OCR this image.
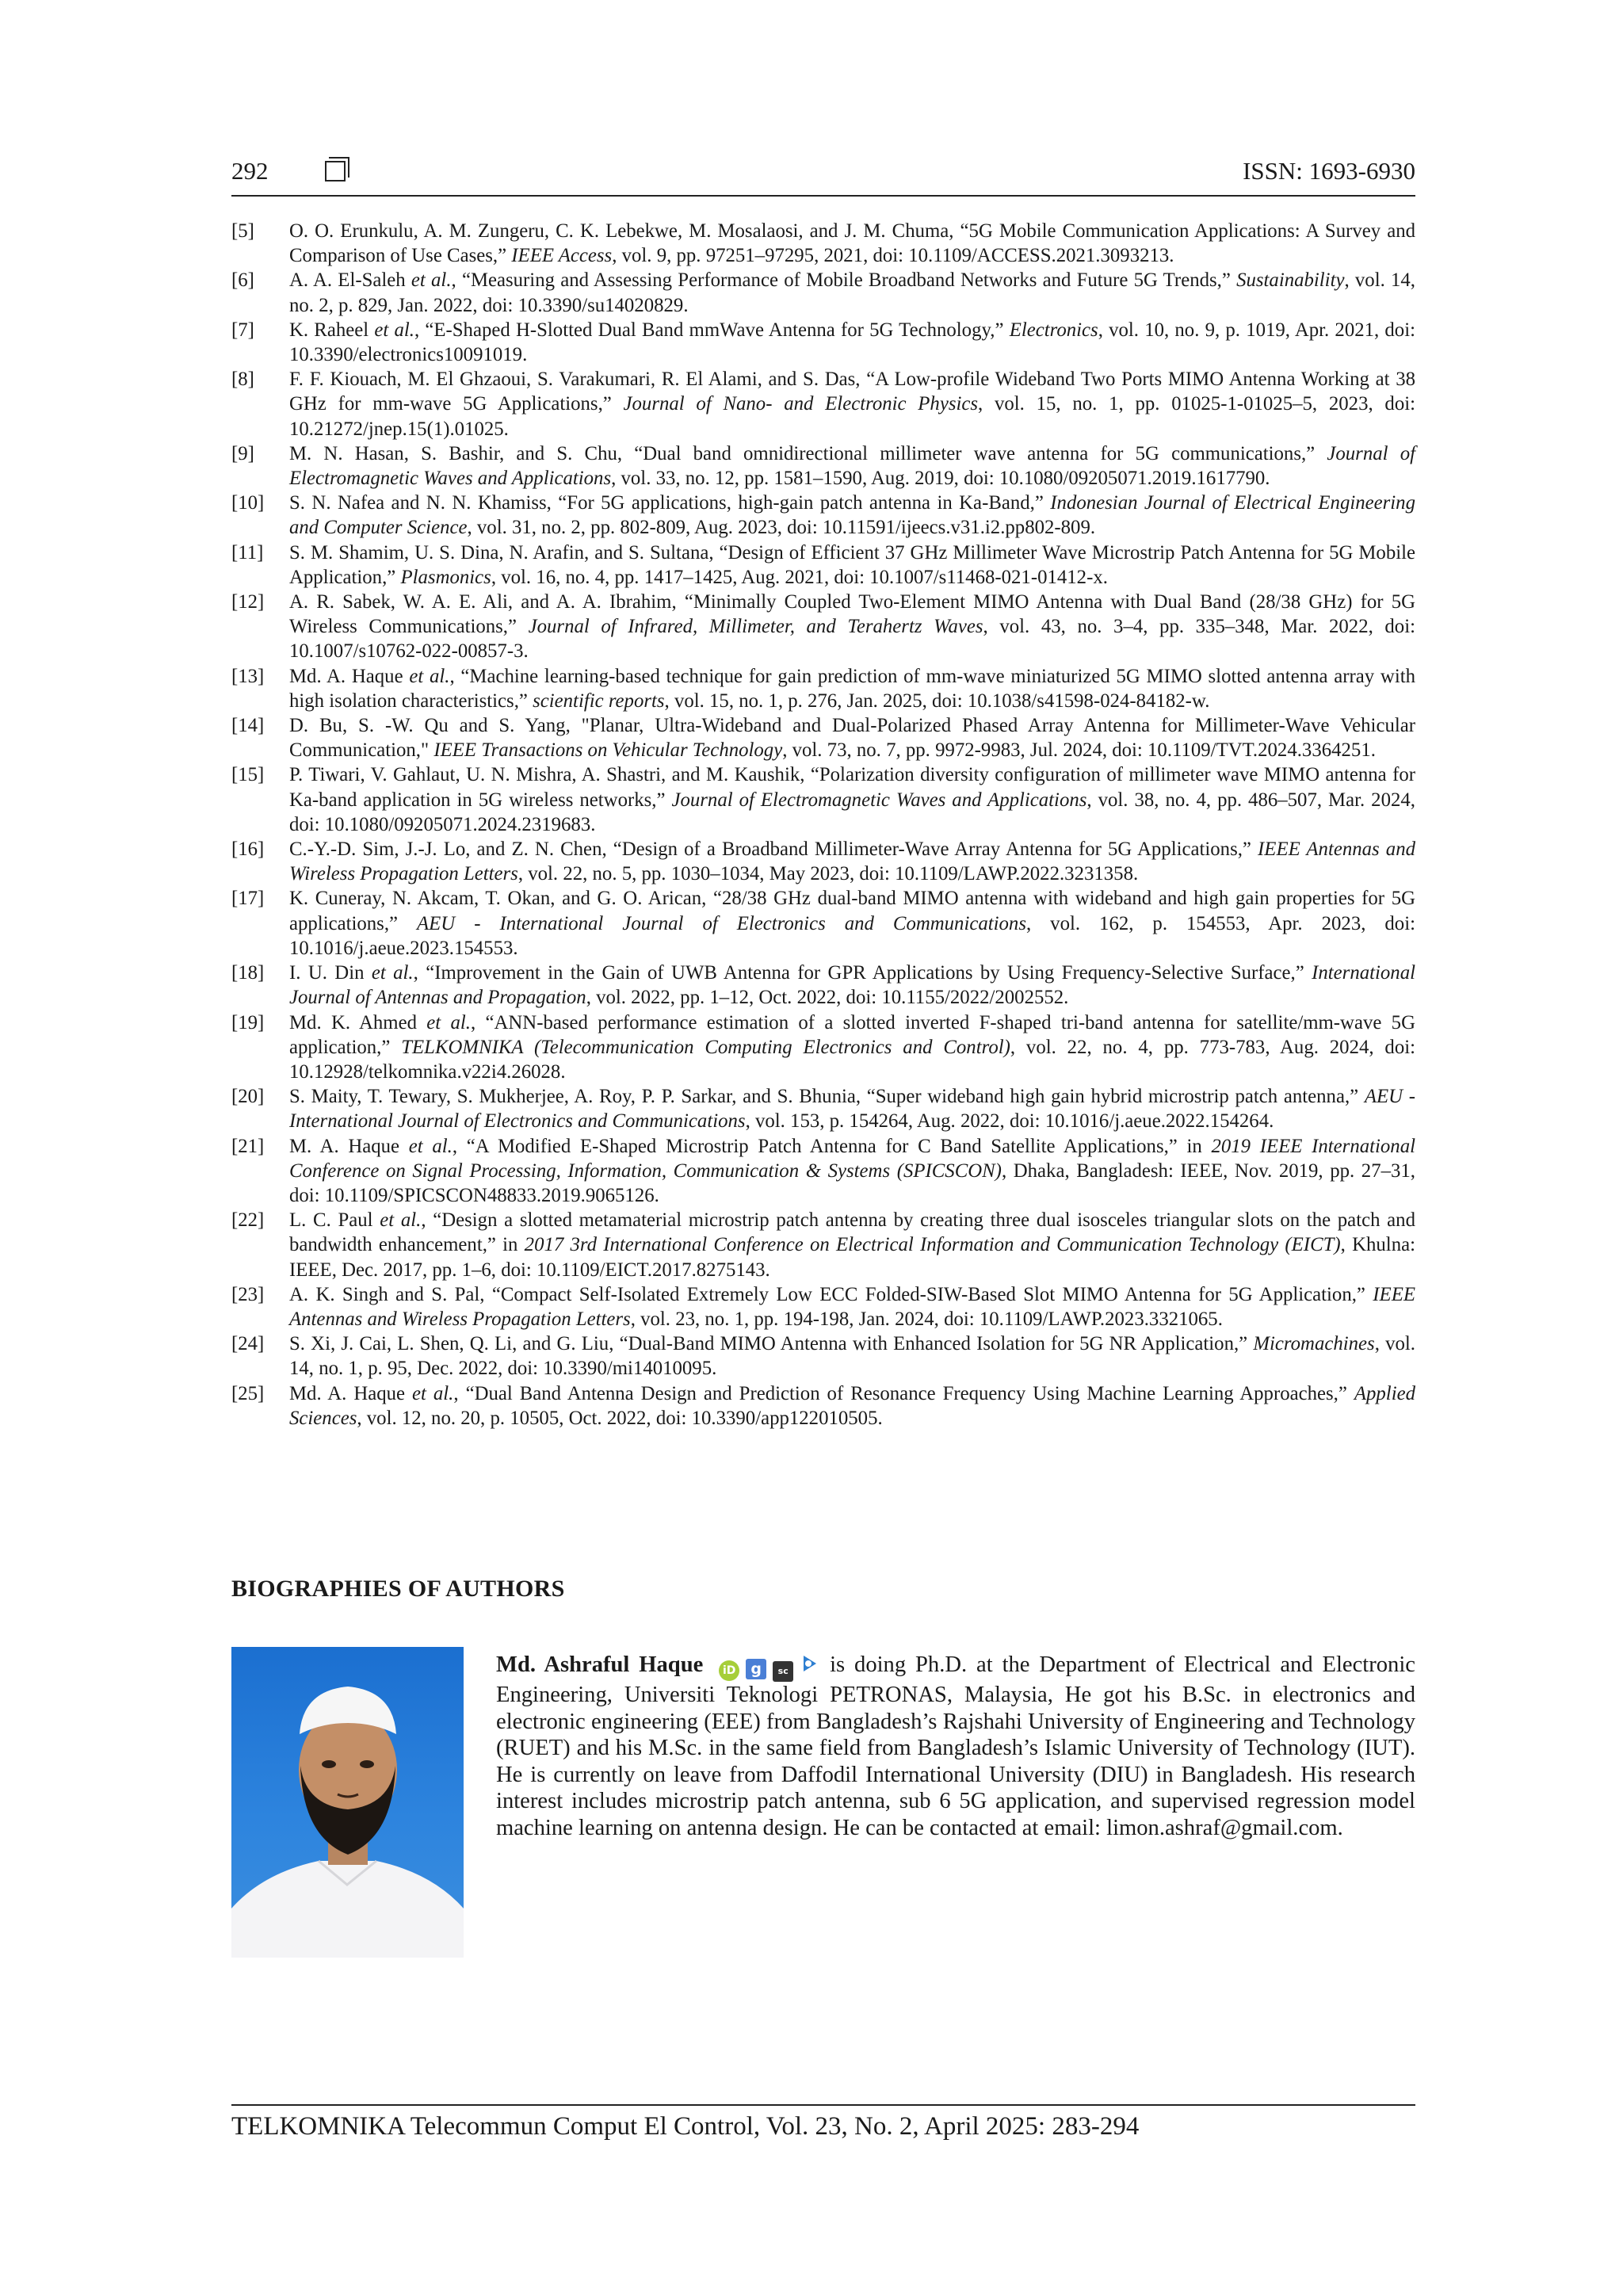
292	ISSN: 1693-6930
[5]	O. O. Erunkulu, A. M. Zungeru, C. K. Lebekwe, M. Mosalaosi, and J. M. Chuma, “5G Mobile Communication Applications: A Survey and Comparison of Use Cases,” IEEE Access, vol. 9, pp. 97251–97295, 2021, doi: 10.1109/ACCESS.2021.3093213.
[6]	A. A. El-Saleh et al., “Measuring and Assessing Performance of Mobile Broadband Networks and Future 5G Trends,” Sustainability, vol. 14, no. 2, p. 829, Jan. 2022, doi: 10.3390/su14020829.
[7]	K. Raheel et al., “E-Shaped H-Slotted Dual Band mmWave Antenna for 5G Technology,” Electronics, vol. 10, no. 9, p. 1019, Apr. 2021, doi: 10.3390/electronics10091019.
[8]	F. F. Kiouach, M. El Ghzaoui, S. Varakumari, R. El Alami, and S. Das, “A Low-profile Wideband Two Ports MIMO Antenna Working at 38 GHz for mm-wave 5G Applications,” Journal of Nano- and Electronic Physics, vol. 15, no. 1, pp. 01025-1-01025–5, 2023, doi: 10.21272/jnep.15(1).01025.
[9]	M. N. Hasan, S. Bashir, and S. Chu, “Dual band omnidirectional millimeter wave antenna for 5G communications,” Journal of Electromagnetic Waves and Applications, vol. 33, no. 12, pp. 1581–1590, Aug. 2019, doi: 10.1080/09205071.2019.1617790.
[10]	S. N. Nafea and N. N. Khamiss, “For 5G applications, high-gain patch antenna in Ka-Band,” Indonesian Journal of Electrical Engineering and Computer Science, vol. 31, no. 2, pp. 802-809, Aug. 2023, doi: 10.11591/ijeecs.v31.i2.pp802-809.
[11]	S. M. Shamim, U. S. Dina, N. Arafin, and S. Sultana, “Design of Efficient 37 GHz Millimeter Wave Microstrip Patch Antenna for 5G Mobile Application,” Plasmonics, vol. 16, no. 4, pp. 1417–1425, Aug. 2021, doi: 10.1007/s11468-021-01412-x.
[12]	A. R. Sabek, W. A. E. Ali, and A. A. Ibrahim, “Minimally Coupled Two-Element MIMO Antenna with Dual Band (28/38 GHz) for 5G Wireless Communications,” Journal of Infrared, Millimeter, and Terahertz Waves, vol. 43, no. 3–4, pp. 335–348, Mar. 2022, doi: 10.1007/s10762-022-00857-3.
[13]	Md. A. Haque et al., “Machine learning-based technique for gain prediction of mm-wave miniaturized 5G MIMO slotted antenna array with high isolation characteristics,” scientific reports, vol. 15, no. 1, p. 276, Jan. 2025, doi: 10.1038/s41598-024-84182-w.
[14]	D. Bu, S. -W. Qu and S. Yang, "Planar, Ultra-Wideband and Dual-Polarized Phased Array Antenna for Millimeter-Wave Vehicular Communication," IEEE Transactions on Vehicular Technology, vol. 73, no. 7, pp. 9972-9983, Jul. 2024, doi: 10.1109/TVT.2024.3364251.
[15]	P. Tiwari, V. Gahlaut, U. N. Mishra, A. Shastri, and M. Kaushik, “Polarization diversity configuration of millimeter wave MIMO antenna for Ka-band application in 5G wireless networks,” Journal of Electromagnetic Waves and Applications, vol. 38, no. 4, pp. 486–507, Mar. 2024, doi: 10.1080/09205071.2024.2319683.
[16]	C.-Y.-D. Sim, J.-J. Lo, and Z. N. Chen, “Design of a Broadband Millimeter-Wave Array Antenna for 5G Applications,” IEEE Antennas and Wireless Propagation Letters, vol. 22, no. 5, pp. 1030–1034, May 2023, doi: 10.1109/LAWP.2022.3231358.
[17]	K. Cuneray, N. Akcam, T. Okan, and G. O. Arican, “28/38 GHz dual-band MIMO antenna with wideband and high gain properties for 5G applications,” AEU - International Journal of Electronics and Communications, vol. 162, p. 154553, Apr. 2023, doi: 10.1016/j.aeue.2023.154553.
[18]	I. U. Din et al., “Improvement in the Gain of UWB Antenna for GPR Applications by Using Frequency-Selective Surface,” International Journal of Antennas and Propagation, vol. 2022, pp. 1–12, Oct. 2022, doi: 10.1155/2022/2002552.
[19]	Md. K. Ahmed et al., “ANN-based performance estimation of a slotted inverted F-shaped tri-band antenna for satellite/mm-wave 5G application,” TELKOMNIKA (Telecommunication Computing Electronics and Control), vol. 22, no. 4, pp. 773-783, Aug. 2024, doi: 10.12928/telkomnika.v22i4.26028.
[20]	S. Maity, T. Tewary, S. Mukherjee, A. Roy, P. P. Sarkar, and S. Bhunia, “Super wideband high gain hybrid microstrip patch antenna,” AEU - International Journal of Electronics and Communications, vol. 153, p. 154264, Aug. 2022, doi: 10.1016/j.aeue.2022.154264.
[21]	M. A. Haque et al., “A Modified E-Shaped Microstrip Patch Antenna for C Band Satellite Applications,” in 2019 IEEE International Conference on Signal Processing, Information, Communication & Systems (SPICSCON), Dhaka, Bangladesh: IEEE, Nov. 2019, pp. 27–31, doi: 10.1109/SPICSCON48833.2019.9065126.
[22]	L. C. Paul et al., “Design a slotted metamaterial microstrip patch antenna by creating three dual isosceles triangular slots on the patch and bandwidth enhancement,” in 2017 3rd International Conference on Electrical Information and Communication Technology (EICT), Khulna: IEEE, Dec. 2017, pp. 1–6, doi: 10.1109/EICT.2017.8275143.
[23]	A. K. Singh and S. Pal, “Compact Self-Isolated Extremely Low ECC Folded-SIW-Based Slot MIMO Antenna for 5G Application,” IEEE Antennas and Wireless Propagation Letters, vol. 23, no. 1, pp. 194-198, Jan. 2024, doi: 10.1109/LAWP.2023.3321065.
[24]	S. Xi, J. Cai, L. Shen, Q. Li, and G. Liu, “Dual-Band MIMO Antenna with Enhanced Isolation for 5G NR Application,” Micromachines, vol. 14, no. 1, p. 95, Dec. 2022, doi: 10.3390/mi14010095.
[25]	Md. A. Haque et al., “Dual Band Antenna Design and Prediction of Resonance Frequency Using Machine Learning Approaches,” Applied Sciences, vol. 12, no. 20, p. 10505, Oct. 2022, doi: 10.3390/app122010505.
BIOGRAPHIES OF AUTHORS
Md. Ashraful Haque iD g sc is doing Ph.D. at the Department of Electrical and Electronic Engineering, Universiti Teknologi PETRONAS, Malaysia, He got his B.Sc. in electronics and electronic engineering (EEE) from Bangladesh’s Rajshahi University of Engineering and Technology (RUET) and his M.Sc. in the same field from Bangladesh’s Islamic University of Technology (IUT). He is currently on leave from Daffodil International University (DIU) in Bangladesh. His research interest includes microstrip patch antenna, sub 6 5G application, and supervised regression model machine learning on antenna design. He can be contacted at email: limon.ashraf@gmail.com.
TELKOMNIKA Telecommun Comput El Control, Vol. 23, No. 2, April 2025: 283-294
